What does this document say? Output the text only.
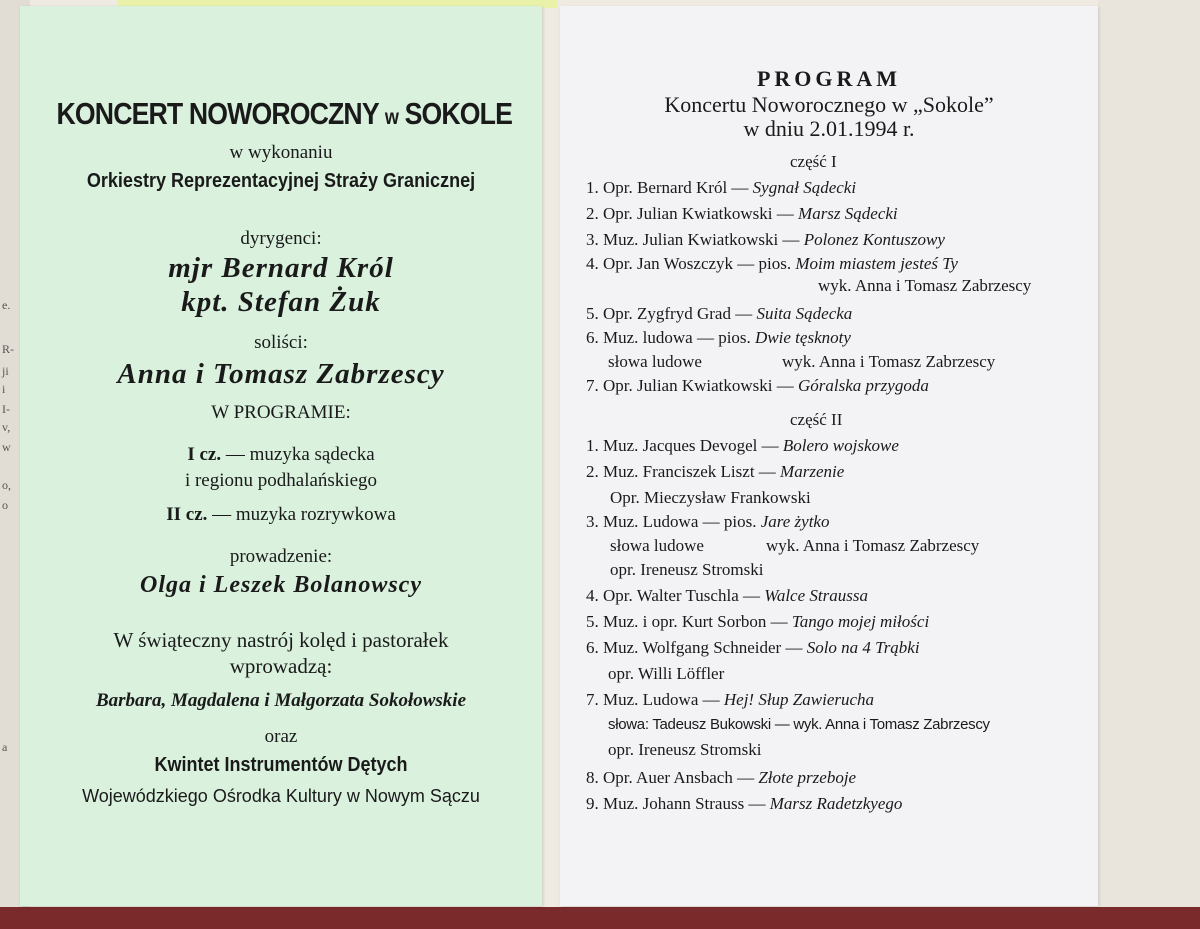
e.
R-
ji
i
I-
v,
w
o,
o
a
KONCERT NOWOROCZNY w SOKOLE
w wykonaniu
Orkiestry Reprezentacyjnej Straży Granicznej
dyrygenci:
mjr Bernard Król
kpt. Stefan Żuk
soliści:
Anna i Tomasz Zabrzescy
W PROGRAMIE:
I cz. — muzyka sądecka
i regionu podhalańskiego
II cz. — muzyka rozrywkowa
prowadzenie:
Olga i Leszek Bolanowscy
W świąteczny nastrój kolęd i pastorałek
wprowadzą:
Barbara, Magdalena i Małgorzata Sokołowskie
oraz
Kwintet Instrumentów Dętych
Wojewódzkiego Ośrodka Kultury w Nowym Sączu
PROGRAM
Koncertu Noworocznego w „Sokole”
w dniu 2.01.1994 r.
część I
1. Opr. Bernard Król — Sygnał Sądecki
2. Opr. Julian Kwiatkowski — Marsz Sądecki
3. Muz. Julian Kwiatkowski — Polonez Kontuszowy
4. Opr. Jan Woszczyk — pios. Moim miastem jesteś Ty
wyk. Anna i Tomasz Zabrzescy
5. Opr. Zygfryd Grad — Suita Sądecka
6. Muz. ludowa — pios. Dwie tęsknoty
słowa ludowe	wyk. Anna i Tomasz Zabrzescy
7. Opr. Julian Kwiatkowski — Góralska przygoda
część II
1. Muz. Jacques Devogel — Bolero wojskowe
2. Muz. Franciszek Liszt — Marzenie
Opr. Mieczysław Frankowski
3. Muz. Ludowa — pios. Jare żytko
słowa ludowe	wyk. Anna i Tomasz Zabrzescy
opr. Ireneusz Stromski
4. Opr. Walter Tuschla — Walce Straussa
5. Muz. i opr. Kurt Sorbon — Tango mojej miłości
6. Muz. Wolfgang Schneider — Solo na 4 Trąbki
opr. Willi Löffler
7. Muz. Ludowa — Hej! Słup Zawierucha
słowa: Tadeusz Bukowski — wyk. Anna i Tomasz Zabrzescy
opr. Ireneusz Stromski
8. Opr. Auer Ansbach — Złote przeboje
9. Muz. Johann Strauss — Marsz Radetzkyego
